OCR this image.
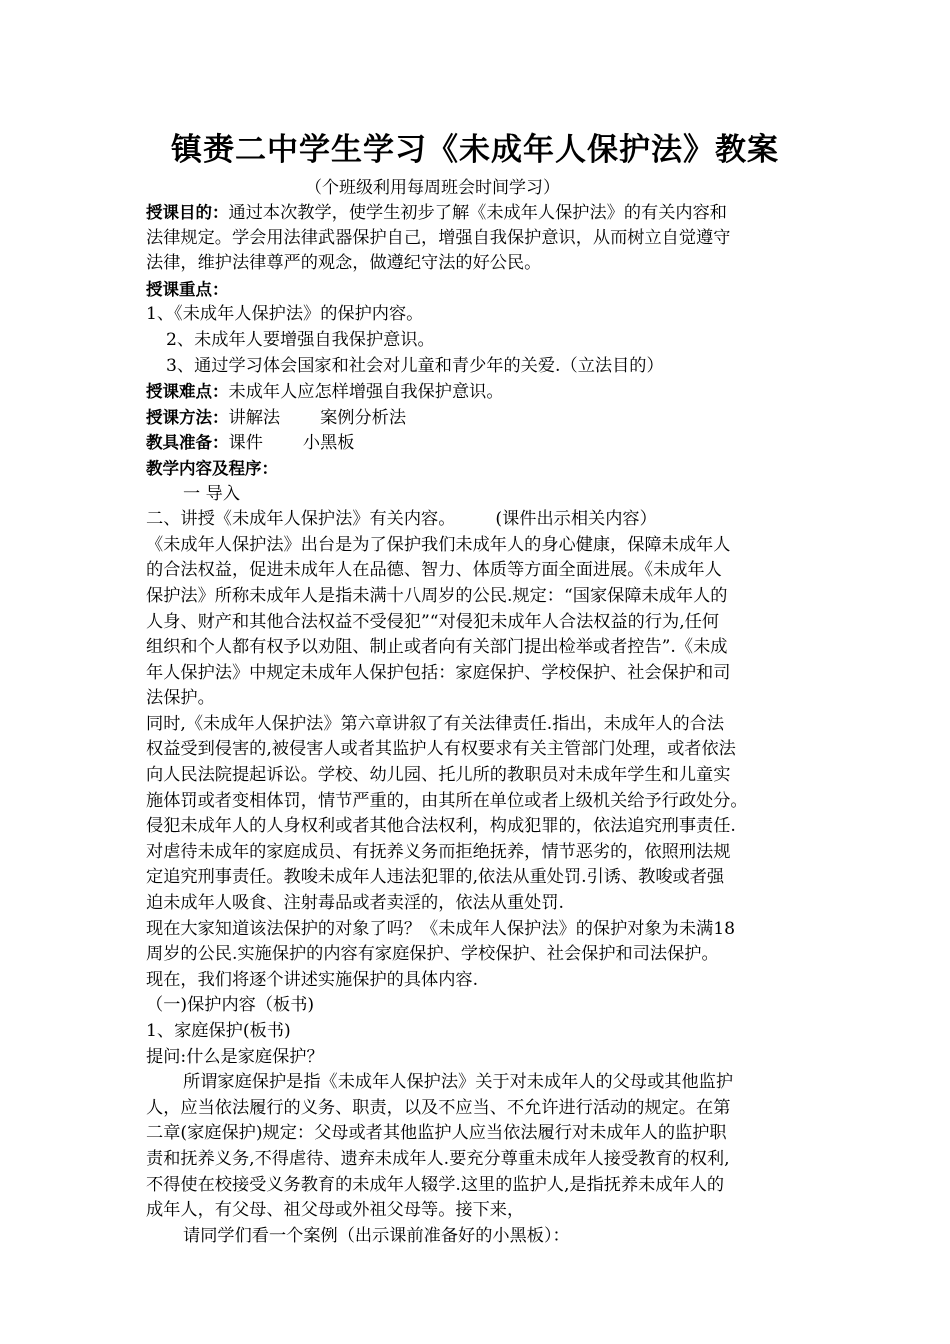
镇赉二中学生学习《未成年人保护法》教案
（个班级利用每周班会时间学习）
授课目的：通过本次教学，使学生初步了解《未成年人保护法》的有关内容和
法律规定。学会用法律武器保护自己，增强自我保护意识，从而树立自觉遵守
法律，维护法律尊严的观念，做遵纪守法的好公民。
授课重点：
1、《未成年人保护法》的保护内容。
2、未成年人要增强自我保护意识。
3、通过学习体会国家和社会对儿童和青少年的关爱.（立法目的）
授课难点：未成年人应怎样增强自我保护意识。
授课方法：讲解法 案例分析法
教具准备：课件 小黑板
教学内容及程序：
一 导入
二、讲授《未成年人保护法》有关内容。 (课件出示相关内容）
《未成年人保护法》出台是为了保护我们未成年人的身心健康，保障未成年人
的合法权益，促进未成年人在品德、智力、体质等方面全面进展。《未成年人
保护法》所称未成年人是指未满十八周岁的公民.规定：“国家保障未成年人的
人身、财产和其他合法权益不受侵犯”“对侵犯未成年人合法权益的行为,任何
组织和个人都有权予以劝阻、制止或者向有关部门提出检举或者控告”.《未成
年人保护法》中规定未成年人保护包括：家庭保护、学校保护、社会保护和司
法保护。
同时,《未成年人保护法》第六章讲叙了有关法律责任.指出，未成年人的合法
权益受到侵害的,被侵害人或者其监护人有权要求有关主管部门处理，或者依法
向人民法院提起诉讼。学校、幼儿园、托儿所的教职员对未成年学生和儿童实
施体罚或者变相体罚，情节严重的，由其所在单位或者上级机关给予行政处分。
侵犯未成年人的人身权利或者其他合法权利，构成犯罪的，依法追究刑事责任.
对虐待未成年的家庭成员、有抚养义务而拒绝抚养，情节恶劣的，依照刑法规
定追究刑事责任。教唆未成年人违法犯罪的,依法从重处罚.引诱、教唆或者强
迫未成年人吸食、注射毒品或者卖淫的，依法从重处罚.
现在大家知道该法保护的对象了吗？《未成年人保护法》的保护对象为未满18
周岁的公民.实施保护的内容有家庭保护、学校保护、社会保护和司法保护。
现在，我们将逐个讲述实施保护的具体内容.
（一)保护内容（板书)
1、家庭保护(板书)
提问:什么是家庭保护？
所谓家庭保护是指《未成年人保护法》关于对未成年人的父母或其他监护
人，应当依法履行的义务、职责，以及不应当、不允许进行活动的规定。在第
二章(家庭保护)规定：父母或者其他监护人应当依法履行对未成年人的监护职
责和抚养义务,不得虐待、遗弃未成年人.要充分尊重未成年人接受教育的权利,
不得使在校接受义务教育的未成年人辍学.这里的监护人,是指抚养未成年人的
成年人，有父母、祖父母或外祖父母等。接下来，
请同学们看一个案例（出示课前准备好的小黑板）：
